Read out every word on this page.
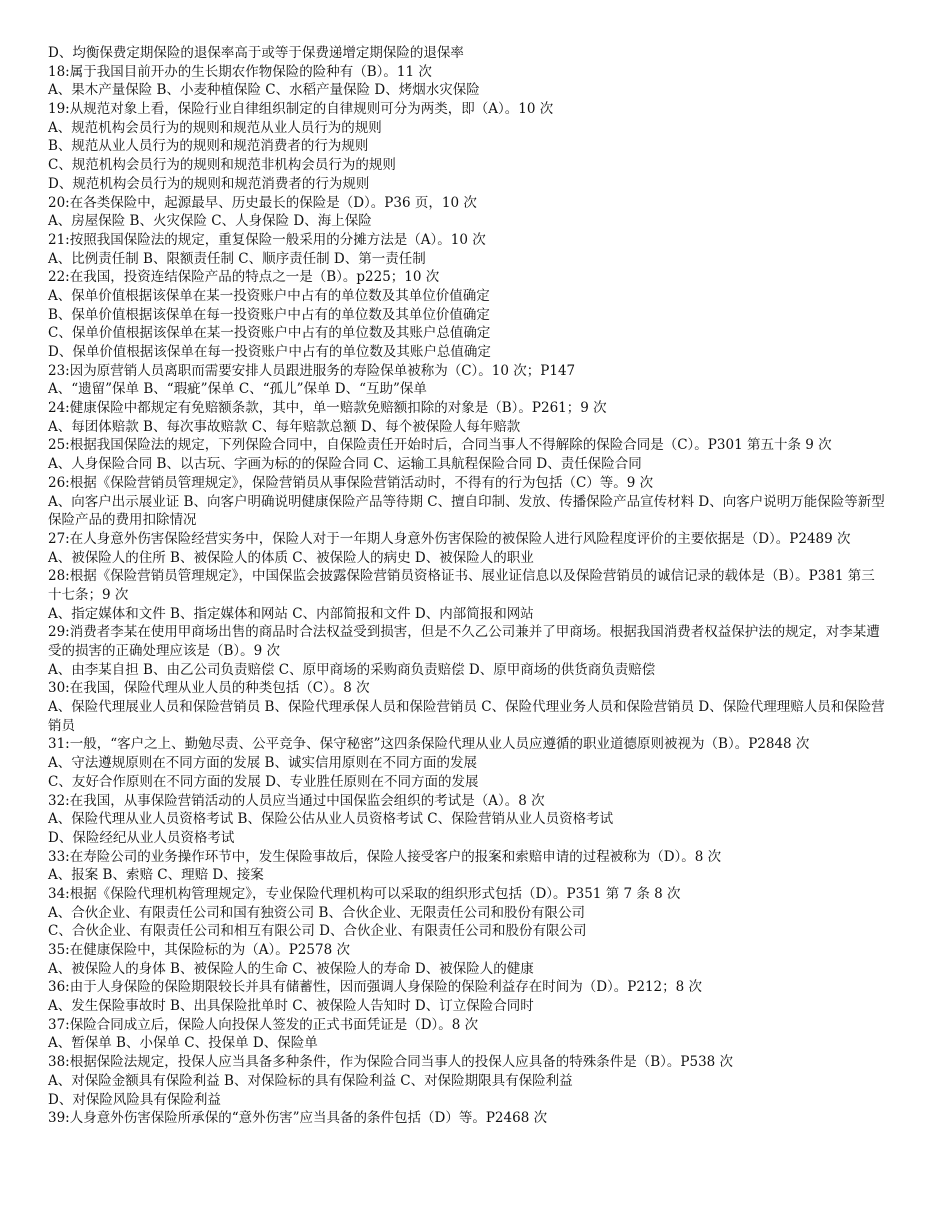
D、均衡保费定期保险的退保率高于或等于保费递增定期保险的退保率
18:属于我国目前开办的生长期农作物保险的险种有（B）。11 次
A、果木产量保险 B、小麦种植保险 C、水稻产量保险 D、烤烟水灾保险
19:从规范对象上看，保险行业自律组织制定的自律规则可分为两类，即（A）。10 次
A、规范机构会员行为的规则和规范从业人员行为的规则
B、规范从业人员行为的规则和规范消费者的行为规则
C、规范机构会员行为的规则和规范非机构会员行为的规则
D、规范机构会员行为的规则和规范消费者的行为规则
20:在各类保险中，起源最早、历史最长的保险是（D）。P36 页，10 次
A、房屋保险 B、火灾保险 C、人身保险 D、海上保险
21:按照我国保险法的规定，重复保险一般采用的分摊方法是（A）。10 次
A、比例责任制 B、限额责任制 C、顺序责任制 D、第一责任制
22:在我国，投资连结保险产品的特点之一是（B）。p225；10 次
A、保单价值根据该保单在某一投资账户中占有的单位数及其单位价值确定
B、保单价值根据该保单在每一投资账户中占有的单位数及其单位价值确定
C、保单价值根据该保单在某一投资账户中占有的单位数及其账户总值确定
D、保单价值根据该保单在每一投资账户中占有的单位数及其账户总值确定
23:因为原营销人员离职而需要安排人员跟进服务的寿险保单被称为（C）。10 次；P147
A、“遗留”保单 B、“瑕疵”保单 C、“孤儿”保单 D、“互助”保单
24:健康保险中都规定有免赔额条款，其中，单一赔款免赔额扣除的对象是（B）。P261；9 次
A、每团体赔款 B、每次事故赔款 C、每年赔款总额 D、每个被保险人每年赔款
25:根据我国保险法的规定，下列保险合同中，自保险责任开始时后，合同当事人不得解除的保险合同是（C）。P301 第五十条 9 次
A、人身保险合同 B、以古玩、字画为标的的保险合同 C、运输工具航程保险合同 D、责任保险合同
26:根据《保险营销员管理规定》，保险营销员从事保险营销活动时，不得有的行为包括（C）等。9 次
A、向客户出示展业证 B、向客户明确说明健康保险产品等待期 C、擅自印制、发放、传播保险产品宣传材料 D、向客户说明万能保险等新型保险产品的费用扣除情况
27:在人身意外伤害保险经营实务中，保险人对于一年期人身意外伤害保险的被保险人进行风险程度评价的主要依据是（D）。P2489 次
A、被保险人的住所 B、被保险人的体质 C、被保险人的病史 D、被保险人的职业
28:根据《保险营销员管理规定》，中国保监会披露保险营销员资格证书、展业证信息以及保险营销员的诚信记录的载体是（B）。P381 第三十七条；9 次
A、指定媒体和文件 B、指定媒体和网站 C、内部简报和文件 D、内部简报和网站
29:消费者李某在使用甲商场出售的商品时合法权益受到损害，但是不久乙公司兼并了甲商场。根据我国消费者权益保护法的规定，对李某遭受的损害的正确处理应该是（B）。9 次
A、由李某自担 B、由乙公司负责赔偿 C、原甲商场的采购商负责赔偿 D、原甲商场的供货商负责赔偿
30:在我国，保险代理从业人员的种类包括（C）。8 次
A、保险代理展业人员和保险营销员 B、保险代理承保人员和保险营销员 C、保险代理业务人员和保险营销员 D、保险代理理赔人员和保险营销员
31:一般，“客户之上、勤勉尽责、公平竞争、保守秘密”这四条保险代理从业人员应遵循的职业道德原则被视为（B）。P2848 次
A、守法遵规原则在不同方面的发展 B、诚实信用原则在不同方面的发展
C、友好合作原则在不同方面的发展 D、专业胜任原则在不同方面的发展
32:在我国，从事保险营销活动的人员应当通过中国保监会组织的考试是（A）。8 次
A、保险代理从业人员资格考试 B、保险公估从业人员资格考试 C、保险营销从业人员资格考试
D、保险经纪从业人员资格考试
33:在寿险公司的业务操作环节中，发生保险事故后，保险人接受客户的报案和索赔申请的过程被称为（D）。8 次
A、报案 B、索赔 C、理赔 D、接案
34:根据《保险代理机构管理规定》，专业保险代理机构可以采取的组织形式包括（D）。P351 第 7 条 8 次
A、合伙企业、有限责任公司和国有独资公司 B、合伙企业、无限责任公司和股份有限公司
C、合伙企业、有限责任公司和相互有限公司 D、合伙企业、有限责任公司和股份有限公司
35:在健康保险中，其保险标的为（A）。P2578 次
A、被保险人的身体 B、被保险人的生命 C、被保险人的寿命 D、被保险人的健康
36:由于人身保险的保险期限较长并具有储蓄性，因而强调人身保险的保险利益存在时间为（D）。P212；8 次
A、发生保险事故时 B、出具保险批单时 C、被保险人告知时 D、订立保险合同时
37:保险合同成立后，保险人向投保人签发的正式书面凭证是（D）。8 次
A、暂保单 B、小保单 C、投保单 D、保险单
38:根据保险法规定，投保人应当具备多种条件，作为保险合同当事人的投保人应具备的特殊条件是（B）。P538 次
A、对保险金额具有保险利益 B、对保险标的具有保险利益 C、对保险期限具有保险利益
D、对保险风险具有保险利益
39:人身意外伤害保险所承保的“意外伤害”应当具备的条件包括（D）等。P2468 次
